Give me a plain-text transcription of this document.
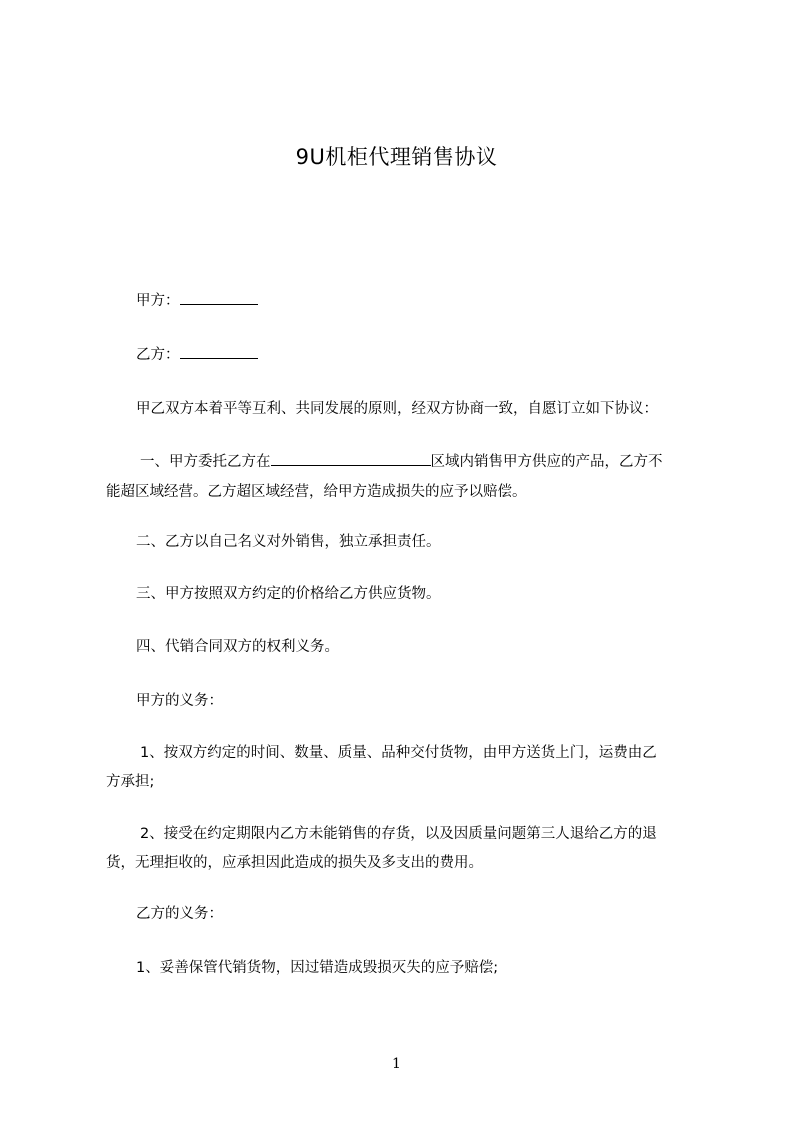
9U机柜代理销售协议
甲方：
乙方：
甲乙双方本着平等互利、共同发展的原则，经双方协商一致，自愿订立如下协议：
一、甲方委托乙方在	区域内销售甲方供应的产品，乙方不
能超区域经营。乙方超区域经营，给甲方造成损失的应予以赔偿。
二、乙方以自己名义对外销售，独立承担责任。
三、甲方按照双方约定的价格给乙方供应货物。
四、代销合同双方的权利义务。
甲方的义务：
1、按双方约定的时间、数量、质量、品种交付货物，由甲方送货上门，运费由乙
方承担;
2、接受在约定期限内乙方未能销售的存货，以及因质量问题第三人退给乙方的退
货，无理拒收的，应承担因此造成的损失及多支出的费用。
乙方的义务：
1、妥善保管代销货物，因过错造成毁损灭失的应予赔偿;
1
